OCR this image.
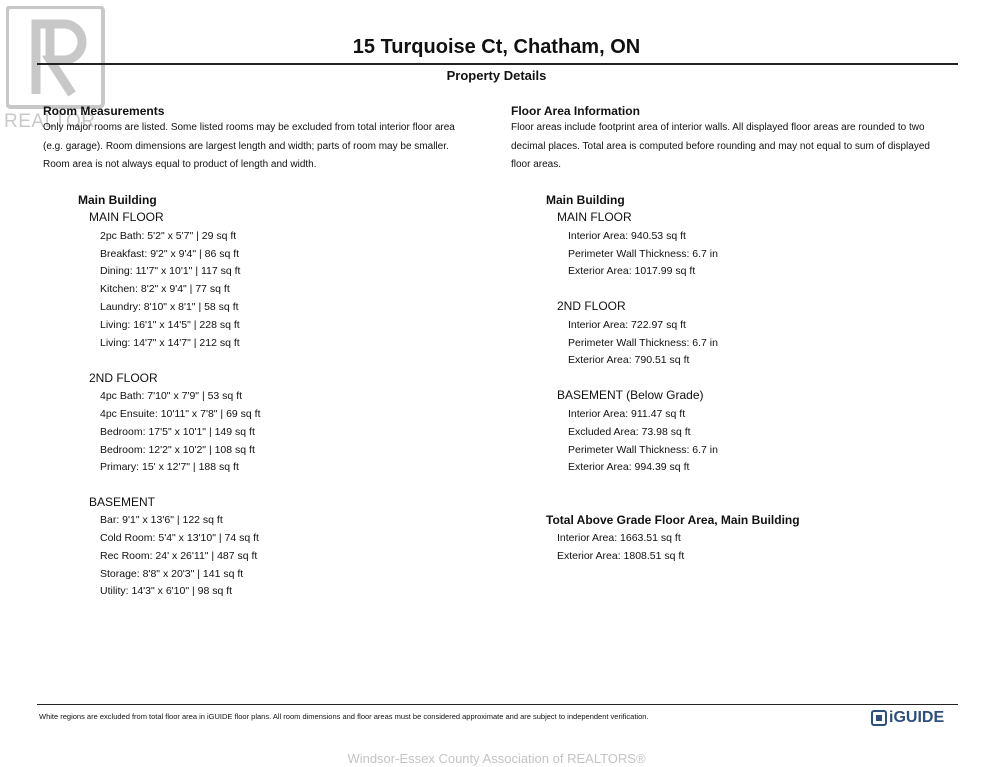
REALTOR
15 Turquoise Ct, Chatham, ON
Property Details
Room Measurements
Only major rooms are listed. Some listed rooms may be excluded from total interior floor area
(e.g. garage). Room dimensions are largest length and width; parts of room may be smaller.
Room area is not always equal to product of length and width.
Main Building
MAIN FLOOR
2pc Bath: 5'2" x 5'7" | 29 sq ft
Breakfast: 9'2" x 9'4" | 86 sq ft
Dining: 11'7" x 10'1" | 117 sq ft
Kitchen: 8'2" x 9'4" | 77 sq ft
Laundry: 8'10" x 8'1" | 58 sq ft
Living: 16'1" x 14'5" | 228 sq ft
Living: 14'7" x 14'7" | 212 sq ft
2ND FLOOR
4pc Bath: 7'10" x 7'9" | 53 sq ft
4pc Ensuite: 10'11" x 7'8" | 69 sq ft
Bedroom: 17'5" x 10'1" | 149 sq ft
Bedroom: 12'2" x 10'2" | 108 sq ft
Primary: 15' x 12'7" | 188 sq ft
BASEMENT
Bar: 9'1" x 13'6" | 122 sq ft
Cold Room: 5'4" x 13'10" | 74 sq ft
Rec Room: 24' x 26'11" | 487 sq ft
Storage: 8'8" x 20'3" | 141 sq ft
Utility: 14'3" x 6'10" | 98 sq ft
Floor Area Information
Floor areas include footprint area of interior walls. All displayed floor areas are rounded to two
decimal places. Total area is computed before rounding and may not equal to sum of displayed
floor areas.
Main Building
MAIN FLOOR
Interior Area: 940.53 sq ft
Perimeter Wall Thickness: 6.7 in
Exterior Area: 1017.99 sq ft
2ND FLOOR
Interior Area: 722.97 sq ft
Perimeter Wall Thickness: 6.7 in
Exterior Area: 790.51 sq ft
BASEMENT (Below Grade)
Interior Area: 911.47 sq ft
Excluded Area: 73.98 sq ft
Perimeter Wall Thickness: 6.7 in
Exterior Area: 994.39 sq ft
Total Above Grade Floor Area, Main Building
Interior Area: 1663.51 sq ft
Exterior Area: 1808.51 sq ft
White regions are excluded from total floor area in iGUIDE floor plans. All room dimensions and floor areas must be considered approximate and are subject to independent verification.	iGUIDE
Windsor-Essex County Association of REALTORS®
